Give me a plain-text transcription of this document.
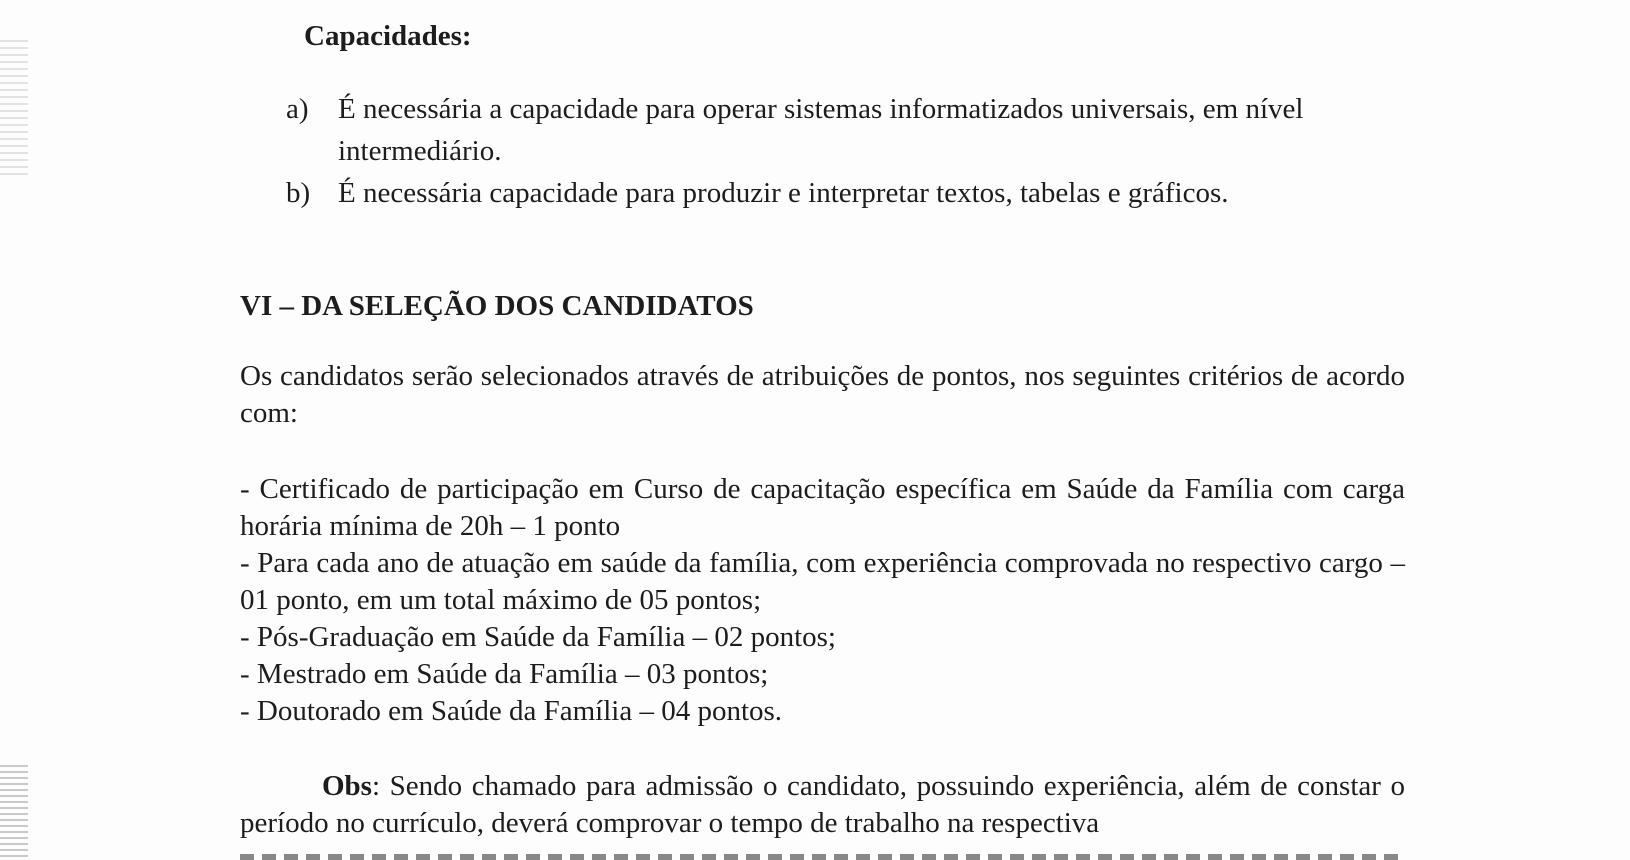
Capacidades:
a) É necessária a capacidade para operar sistemas informatizados universais, em nível intermediário.
b) É necessária capacidade para produzir e interpretar textos, tabelas e gráficos.
VI – DA SELEÇÃO DOS CANDIDATOS

Os candidatos serão selecionados através de atribuições de pontos, nos seguintes critérios de acordo com:

- Certificado de participação em Curso de capacitação específica em Saúde da Família com carga horária mínima de 20h – 1 ponto
- Para cada ano de atuação em saúde da família, com experiência comprovada no respectivo cargo – 01 ponto, em um total máximo de 05 pontos;
- Pós-Graduação em Saúde da Família – 02 pontos;
- Mestrado em Saúde da Família – 03 pontos;
- Doutorado em Saúde da Família – 04 pontos.

Obs: Sendo chamado para admissão o candidato, possuindo experiência, além de constar o período no currículo, deverá comprovar o tempo de trabalho na respectiva
